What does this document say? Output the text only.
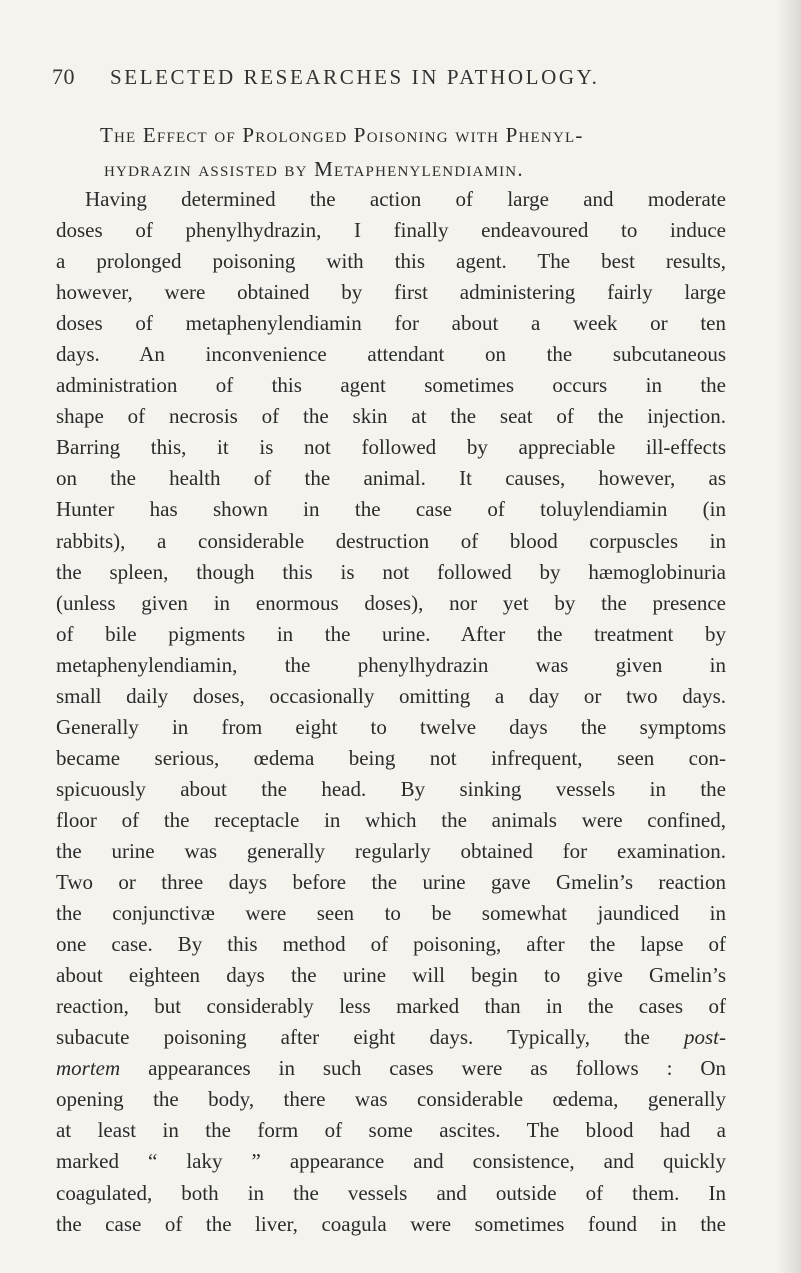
70 SELECTED RESEARCHES IN PATHOLOGY.
The Effect of Prolonged Poisoning with Phenyl-
hydrazin assisted by Metaphenylendiamin.
Having determined the action of large and moderate
doses of phenylhydrazin, I finally endeavoured to induce
a prolonged poisoning with this agent. The best results,
however, were obtained by first administering fairly large
doses of metaphenylendiamin for about a week or ten
days. An inconvenience attendant on the subcutaneous
administration of this agent sometimes occurs in the
shape of necrosis of the skin at the seat of the injection.
Barring this, it is not followed by appreciable ill-effects
on the health of the animal. It causes, however, as
Hunter has shown in the case of toluylendiamin (in
rabbits), a considerable destruction of blood corpuscles in
the spleen, though this is not followed by hæmoglobinuria
(unless given in enormous doses), nor yet by the presence
of bile pigments in the urine. After the treatment by
metaphenylendiamin, the phenylhydrazin was given in
small daily doses, occasionally omitting a day or two days.
Generally in from eight to twelve days the symptoms
became serious, œdema being not infrequent, seen con-
spicuously about the head. By sinking vessels in the
floor of the receptacle in which the animals were confined,
the urine was generally regularly obtained for examination.
Two or three days before the urine gave Gmelin’s reaction
the conjunctivæ were seen to be somewhat jaundiced in
one case. By this method of poisoning, after the lapse of
about eighteen days the urine will begin to give Gmelin’s
reaction, but considerably less marked than in the cases of
subacute poisoning after eight days. Typically, the post-
mortem appearances in such cases were as follows : On
opening the body, there was considerable œdema, generally
at least in the form of some ascites. The blood had a
marked “ laky ” appearance and consistence, and quickly
coagulated, both in the vessels and outside of them. In
the case of the liver, coagula were sometimes found in the
